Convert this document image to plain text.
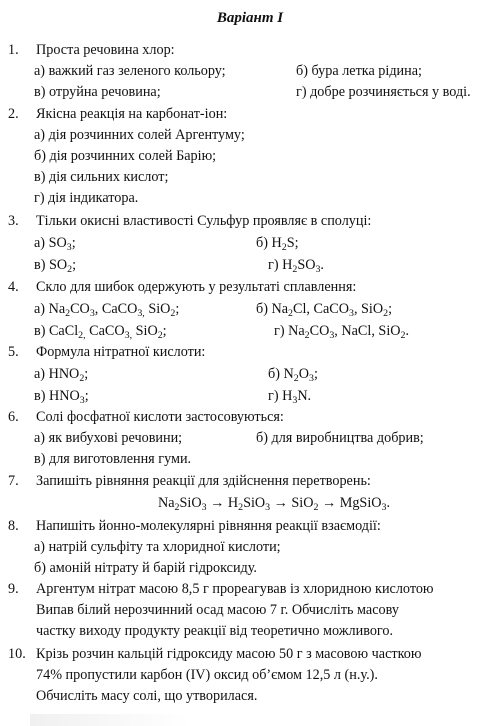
Варіант І
1. Проста речовина хлор:
а) важкий газ зеленого кольору;	б) бура летка рідина;
в) отруйна речовина;	г) добре розчиняється у воді.
2. Якісна реакція на карбонат-іон:
а) дія розчинних солей Аргентуму;
б) дія розчинних солей Барію;
в) дія сильних кислот;
г) дія індикатора.
3. Тільки окисні властивості Сульфур проявляє в сполуці:
а) $SO_3$;	б) $H_2S$;
в) $SO_2$;	г) $H_2SO_3$.
4. Скло для шибок одержують у результаті сплавлення:
а) $Na_2CO_3$, CaCO$_{3,}$ SiO$_2$;	б) $Na_2Cl$, CaCO$_3$, SiO$_2$;
в) CaCl$_{2,}$ CaCO$_{3,}$ SiO$_2$;	г) $Na_2CO_3$, NaCl, SiO$_2$.
5. Формула нітратної кислоти:
а) $HNO_2$;	б) $N_2O_3$;
в) $HNO_3$;	г) $H_3N$.
6. Солі фосфатної кислоти застосовуються:
а) як вибухові речовини;	б) для виробництва добрив;
в) для виготовлення гуми.
7. Запишіть рівняння реакції для здійснення перетворень:
$Na_2SiO_3 \to H_2SiO_3 \to SiO_2$ → MgSiO$_3$.
8. Напишіть йонно-молекулярні рівняння реакції взаємодії:
а) натрій сульфіту та хлоридної кислоти;
б) амоній нітрату й барій гідроксиду.
9. Аргентум нітрат масою 8,5 г прореагував із хлоридною кислотою
Випав білий нерозчинний осад масою 7 г. Обчисліть масову
частку виходу продукту реакції від теоретично можливого.
10. Крізь розчин кальцій гідроксиду масою 50 г з масовою часткою
74% пропустили карбон (IV) оксид об’ємом 12,5 л (н.у.).
Обчисліть масу солі, що утворилася.
